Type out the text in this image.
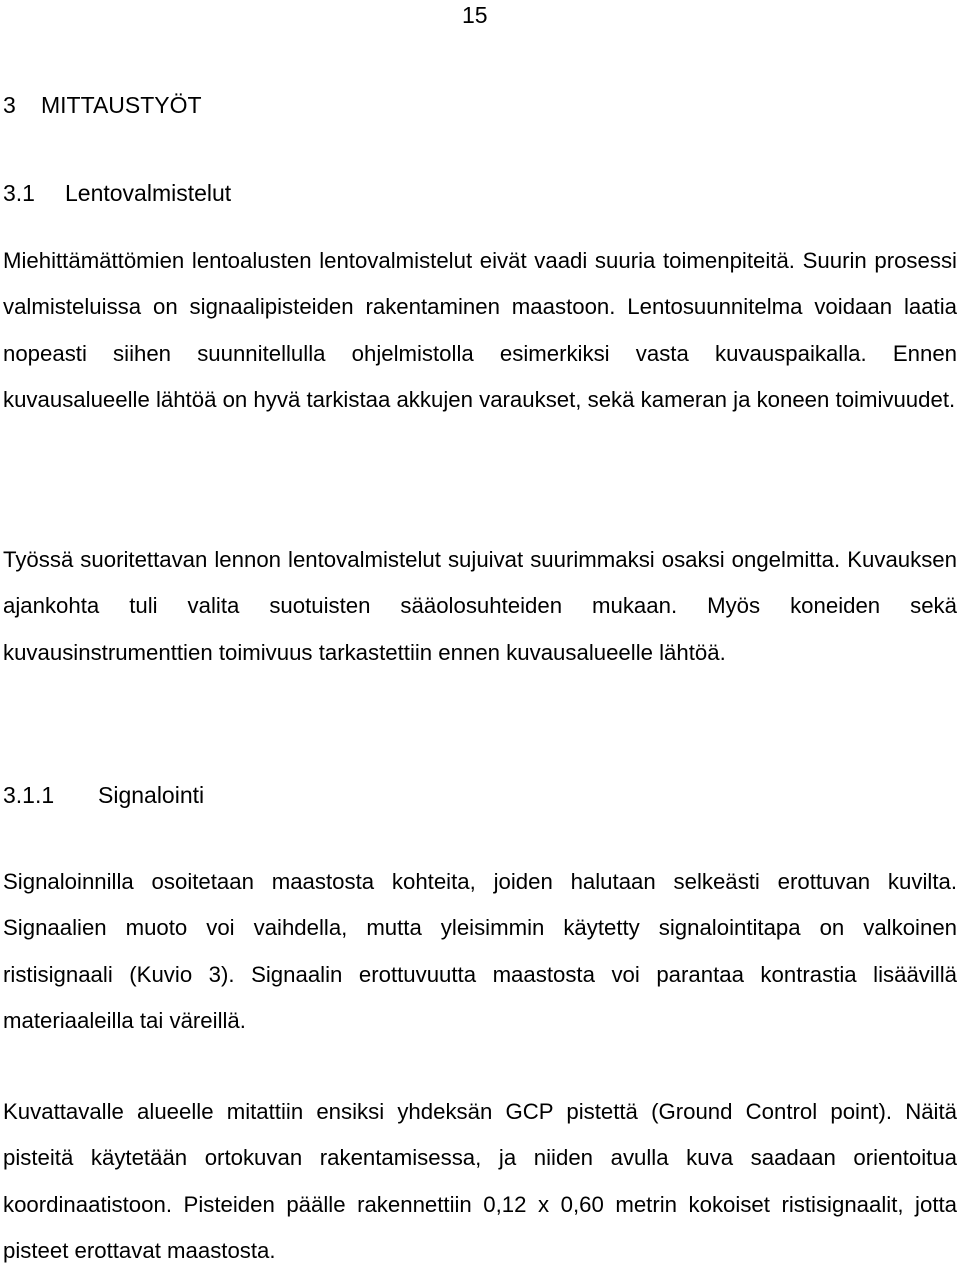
15
3 MITTAUSTYÖT
3.1 Lentovalmistelut

Miehittämättömien lentoalusten lentovalmistelut eivät vaadi suuria toimenpiteitä. Suurin prosessi valmisteluissa on signaalipisteiden rakentaminen maastoon. Lentosuunnitelma voidaan laatia nopeasti siihen suunnitellulla ohjelmistolla esimerkiksi vasta kuvauspaikalla. Ennen kuvausalueelle lähtöä on hyvä tarkistaa akkujen varaukset, sekä kameran ja koneen toimivuudet.

Työssä suoritettavan lennon lentovalmistelut sujuivat suurimmaksi osaksi ongelmitta. Kuvauksen ajankohta tuli valita suotuisten sääolosuhteiden mukaan. Myös koneiden sekä kuvausinstrumenttien toimivuus tarkastettiin ennen kuvausalueelle lähtöä.

3.1.1 Signalointi

Signaloinnilla osoitetaan maastosta kohteita, joiden halutaan selkeästi erottuvan kuvilta. Signaalien muoto voi vaihdella, mutta yleisimmin käytetty signalointitapa on valkoinen ristisignaali (Kuvio 3). Signaalin erottuvuutta maastosta voi parantaa kontrastia lisäävillä materiaaleilla tai väreillä.

Kuvattavalle alueelle mitattiin ensiksi yhdeksän GCP pistettä (Ground Control point). Näitä pisteitä käytetään ortokuvan rakentamisessa, ja niiden avulla kuva saadaan orientoitua koordinaatistoon. Pisteiden päälle rakennettiin 0,12 x 0,60 metrin kokoiset ristisignaalit, jotta pisteet erottavat maastosta.
